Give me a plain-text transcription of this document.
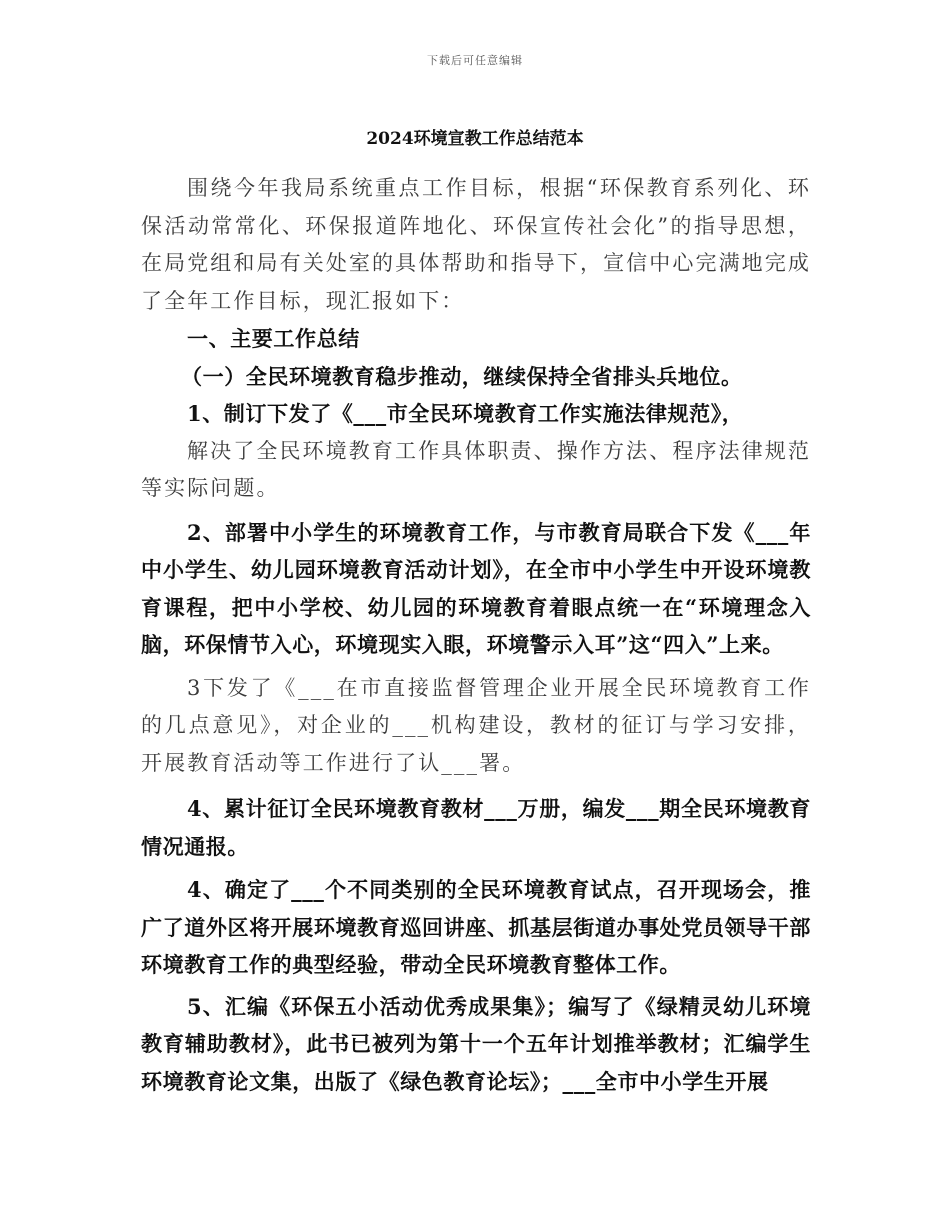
下载后可任意编辑
2024环境宣教工作总结范本

围绕今年我局系统重点工作目标，根据“环保教育系列化、环保活动常常化、环保报道阵地化、环保宣传社会化”的指导思想，在局党组和局有关处室的具体帮助和指导下，宣信中心完满地完成了全年工作目标，现汇报如下：

一、主要工作总结

（一）全民环境教育稳步推动，继续保持全省排头兵地位。

1、制订下发了《___市全民环境教育工作实施法律规范》，

解决了全民环境教育工作具体职责、操作方法、程序法律规范等实际问题。

2、部署中小学生的环境教育工作，与市教育局联合下发《___年中小学生、幼儿园环境教育活动计划》，在全市中小学生中开设环境教育课程，把中小学校、幼儿园的环境教育着眼点统一在“环境理念入脑，环保情节入心，环境现实入眼，环境警示入耳”这“四入”上来。

3下发了《___在市直接监督管理企业开展全民环境教育工作的几点意见》，对企业的___机构建设，教材的征订与学习安排，开展教育活动等工作进行了认___署。

4、累计征订全民环境教育教材___万册，编发___期全民环境教育情况通报。

4、确定了___个不同类别的全民环境教育试点，召开现场会，推广了道外区将开展环境教育巡回讲座、抓基层街道办事处党员领导干部环境教育工作的典型经验，带动全民环境教育整体工作。

5、汇编《环保五小活动优秀成果集》；编写了《绿精灵幼儿环境教育辅助教材》，此书已被列为第十一个五年计划推举教材；汇编学生环境教育论文集，出版了《绿色教育论坛》；___全市中小学生开展
